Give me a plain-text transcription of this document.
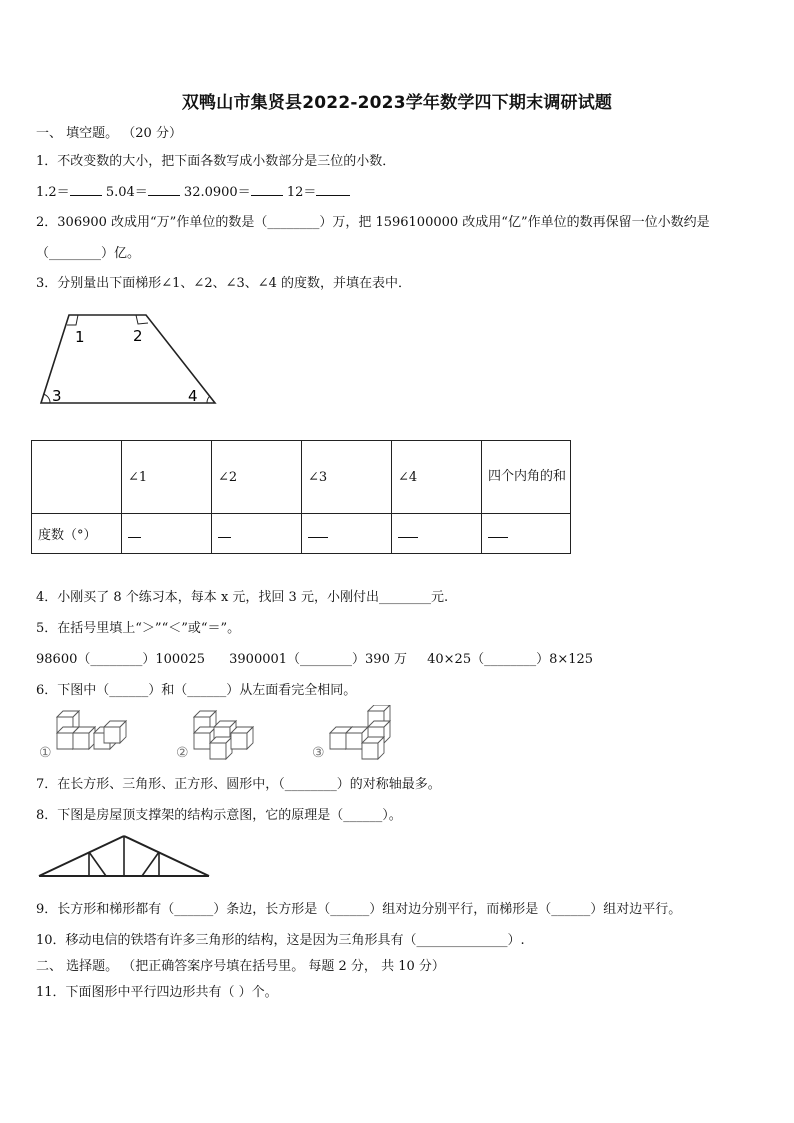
双鸭山市集贤县2022-2023学年数学四下期末调研试题
一、 填空题。 （20 分）
1．不改变数的大小，把下面各数写成小数部分是三位的小数．
1.2＝	5.04＝	32.0900＝	12＝
2．306900 改成用“万”作单位的数是（________）万，把 1596100000 改成用“亿”作单位的数再保留一位小数约是
（________）亿。
3．分别量出下面梯形∠1、∠2、∠3、∠4 的度数，并填在表中．
1	2
3	4
	∠1	∠2	∠3	∠4	四个内角的和
度数（°）					
4．小刚买了 8 个练习本，每本 x 元，找回 3 元，小刚付出________元.
5．在括号里填上“＞”“＜”或“＝”。
98600（________）100025 3900001（________）390 万 40×25（________）8×125
6．下图中（______）和（______）从左面看完全相同。
①	②	③
7．在长方形、三角形、正方形、圆形中，（________）的对称轴最多。
8．下图是房屋顶支撑架的结构示意图，它的原理是（______）。
9．长方形和梯形都有（______）条边，长方形是（______）组对边分别平行，而梯形是（______）组对边平行。
10．移动电信的铁塔有许多三角形的结构，这是因为三角形具有（______________）.
二、 选择题。 （把正确答案序号填在括号里。 每题 2 分， 共 10 分）
11．下面图形中平行四边形共有（ ）个。
